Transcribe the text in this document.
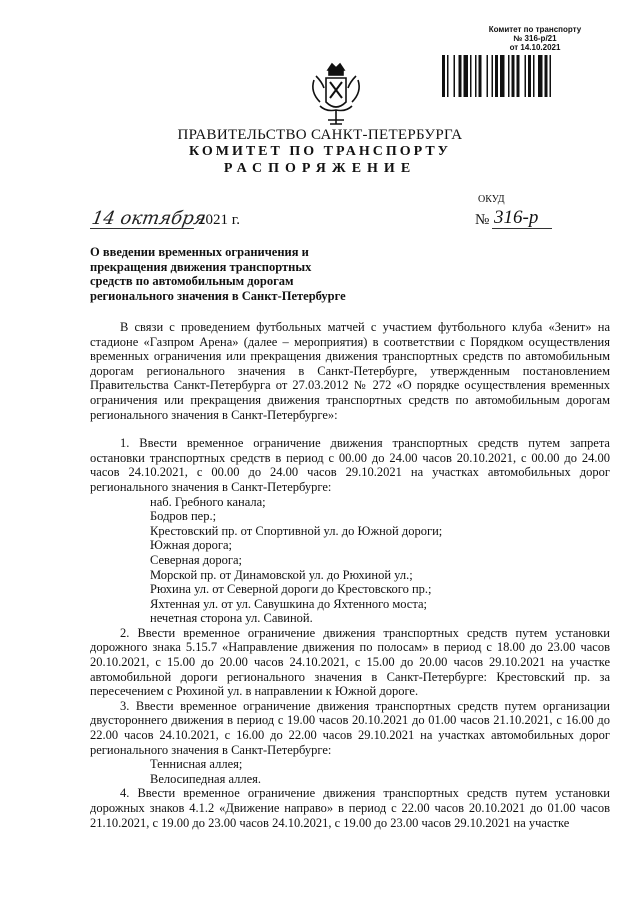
Комитет по транспорту
№ 316-р/21
от 14.10.2021
ПРАВИТЕЛЬСТВО САНКТ-ПЕТЕРБУРГА
КОМИТЕТ ПО ТРАНСПОРТУ
РАСПОРЯЖЕНИЕ
ОКУД
14 октября
2021 г.	№ 316-р
О введении временных ограничения и прекращения движения транспортных средств по автомобильным дорогам регионального значения в Санкт-Петербурге
В связи с проведением футбольных матчей с участием футбольного клуба «Зенит» на стадионе «Газпром Арена» (далее – мероприятия) в соответствии с Порядком осуществления временных ограничения или прекращения движения транспортных средств по автомобильным дорогам регионального значения в Санкт-Петербурге, утвержденным постановлением Правительства Санкт-Петербурга от 27.03.2012 № 272 «О порядке осуществления временных ограничения или прекращения движения транспортных средств по автомобильным дорогам регионального значения в Санкт-Петербурге»:
1. Ввести временное ограничение движения транспортных средств путем запрета остановки транспортных средств в период с 00.00 до 24.00 часов 20.10.2021, с 00.00 до 24.00 часов 24.10.2021, с 00.00 до 24.00 часов 29.10.2021 на участках автомобильных дорог регионального значения в Санкт-Петербурге:
наб. Гребного канала;
Бодров пер.;
Крестовский пр. от Спортивной ул. до Южной дороги;
Южная дорога;
Северная дорога;
Морской пр. от Динамовской ул. до Рюхиной ул.;
Рюхина ул. от Северной дороги до Крестовского пр.;
Яхтенная ул. от ул. Савушкина до Яхтенного моста;
нечетная сторона ул. Савиной.
2. Ввести временное ограничение движения транспортных средств путем установки дорожного знака 5.15.7 «Направление движения по полосам» в период с 18.00 до 23.00 часов 20.10.2021, с 15.00 до 20.00 часов 24.10.2021, с 15.00 до 20.00 часов 29.10.2021 на участке автомобильной дороги регионального значения в Санкт-Петербурге: Крестовский пр. за пересечением с Рюхиной ул. в направлении к Южной дороге.
3. Ввести временное ограничение движения транспортных средств путем организации двустороннего движения в период с 19.00 часов 20.10.2021 до 01.00 часов 21.10.2021, с 16.00 до 22.00 часов 24.10.2021, с 16.00 до 22.00 часов 29.10.2021 на участках автомобильных дорог регионального значения в Санкт-Петербурге:
Теннисная аллея;
Велосипедная аллея.
4. Ввести временное ограничение движения транспортных средств путем установки дорожных знаков 4.1.2 «Движение направо» в период с 22.00 часов 20.10.2021 до 01.00 часов 21.10.2021, с 19.00 до 23.00 часов 24.10.2021, с 19.00 до 23.00 часов 29.10.2021 на участке
